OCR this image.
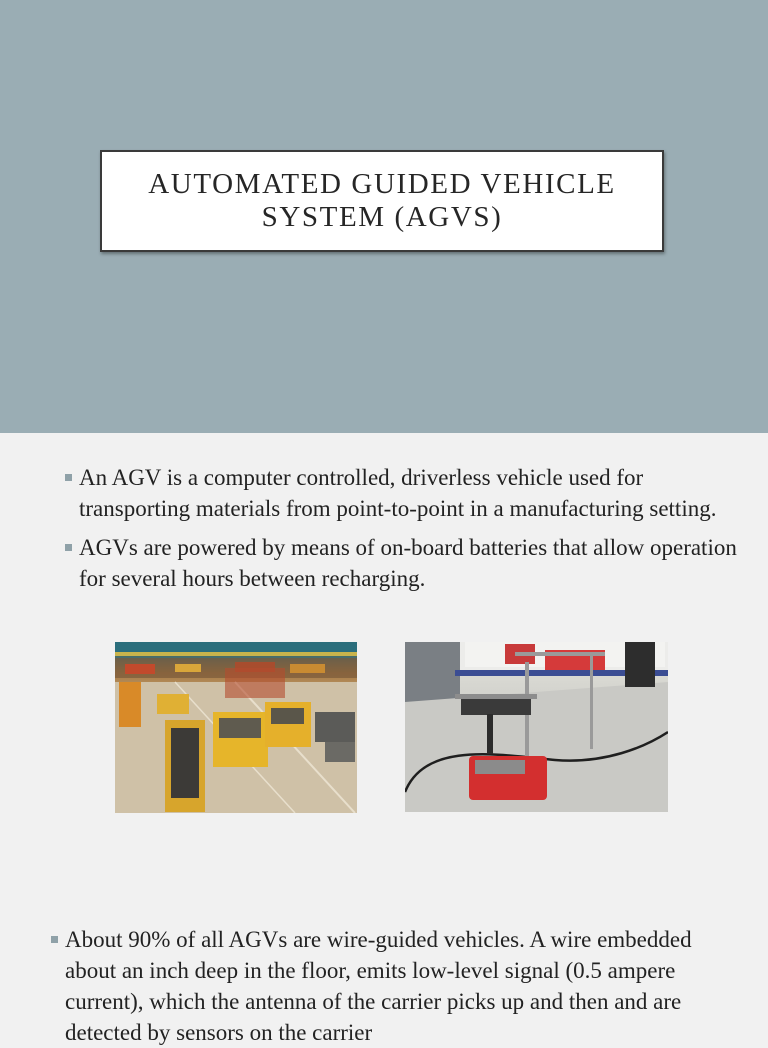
AUTOMATED GUIDED VEHICLE
SYSTEM (AGVS)
An AGV is a computer controlled, driverless vehicle used for transporting materials from point-to-point in a manufacturing setting.
AGVs are powered by means of on-board batteries that allow operation for several hours between recharging.
About 90% of all AGVs are wire-guided vehicles. A wire embedded about an inch deep in the floor, emits low-level signal (0.5 ampere current), which the antenna of the carrier picks up and then and are detected by sensors on the carrier
